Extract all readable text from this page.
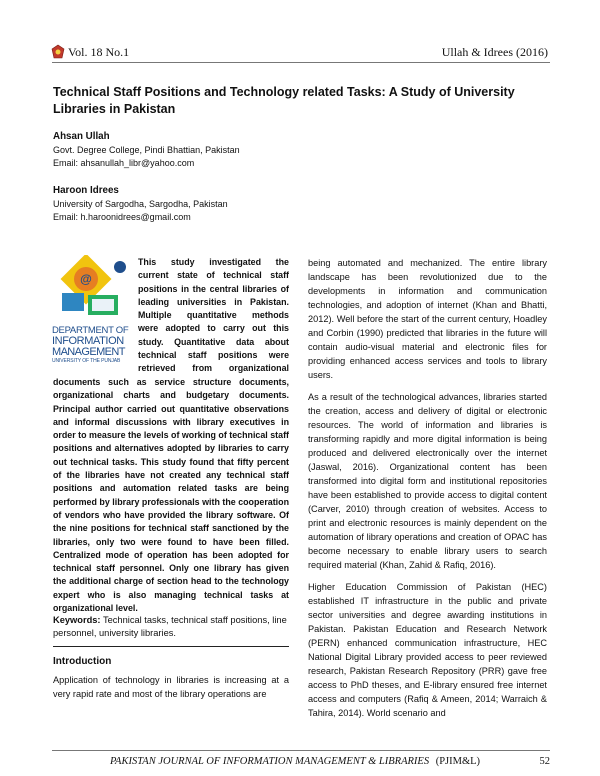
Vol. 18 No.1	Ullah & Idrees (2016)
Technical Staff Positions and Technology related Tasks: A Study of University Libraries in Pakistan
Ahsan Ullah
Govt. Degree College, Pindi Bhattian, Pakistan
Email: ahsanullah_libr@yahoo.com
Haroon Idrees
University of Sargodha, Sargodha, Pakistan
Email: h.haroonidrees@gmail.com
@
DEPARTMENT OF
INFORMATION
MANAGEMENT
UNIVERSITY OF THE PUNJAB
This study investigated the
current state of technical staff
positions in the central libraries of
leading universities in Pakistan.
Multiple quantitative methods
were adopted to carry out this
study. Quantitative data about
technical staff positions were
retrieved from organizational
documents such as service structure documents, organizational charts and budgetary documents. Principal author carried out quantitative observations and informal discussions with library executives in order to measure the levels of working of technical staff positions and alternatives adopted by libraries to carry out technical tasks. This study found that fifty percent of the libraries have not created any technical staff positions and automation related tasks are being performed by library professionals with the cooperation of vendors who have provided the library software. Of the nine positions for technical staff sanctioned by the libraries, only two were found to have been filled. Centralized mode of operation has been adopted for technical staff personnel. Only one library has given the additional charge of section head to the technology expert who is also managing technical tasks at organizational level.
Keywords: Technical tasks, technical staff positions, line personnel, university libraries.
Introduction
Application of technology in libraries is increasing at a very rapid rate and most of the library operations are

being automated and mechanized. The entire library landscape has been revolutionized due to the developments in information and communication technologies, and adoption of internet (Khan and Bhatti, 2012). Well before the start of the current century, Hoadley and Corbin (1990) predicted that libraries in the future will contain audio-visual material and electronic files for providing enhanced access services and tools to library users.

As a result of the technological advances, libraries started the creation, access and delivery of digital or electronic resources. The world of information and libraries is transforming rapidly and more digital information is being produced and delivered electronically over the internet (Jaswal, 2016). Organizational content has been transformed into digital form and institutional repositories have been established to provide access to digital content (Carver, 2010) through creation of websites. Access to print and electronic resources is mainly dependent on the automation of library operations and creation of OPAC has become necessary to enable library users to search required material (Khan, Zahid & Rafiq, 2016).

Higher Education Commission of Pakistan (HEC) established IT infrastructure in the public and private sector universities and degree awarding institutions in Pakistan. Pakistan Education and Research Network (PERN) enhanced communication infrastructure, HEC National Digital Library provided access to peer reviewed research, Pakistan Research Repository (PRR) gave free access to PhD theses, and E-library ensured free internet access and computers (Rafiq & Ameen, 2014; Warraich & Tahira, 2014). World scenario and

PAKISTAN JOURNAL OF INFORMATION MANAGEMENT & LIBRARIES (PJIM&L)	52
